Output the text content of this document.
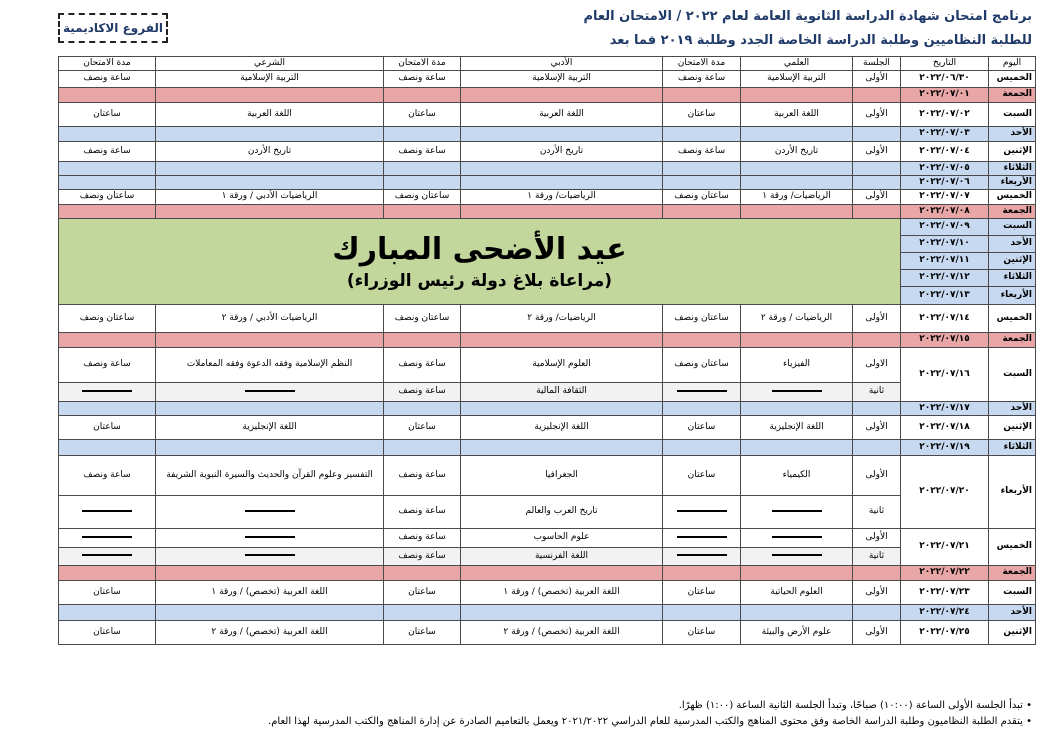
الفروع الاكاديمية
برنامج امتحان شهادة الدراسة الثانوية العامة لعام ٢٠٢٢ / الامتحان العام
للطلبة النظاميين وطلبة الدراسة الخاصة الجدد وطلبة ٢٠١٩ فما بعد
اليوم	التاريخ	الجلسة	العلمي	مدة الامتحان	الأدبي	مدة الامتحان	الشرعي	مدة الامتحان
الخميس	٢٠٢٢/٠٦/٣٠	الأولى	التربية الإسلامية	ساعة ونصف	التربية الإسلامية	ساعة ونصف	التربية الإسلامية	ساعة ونصف
الجمعة	٢٠٢٢/٠٧/٠١							
السبت	٢٠٢٢/٠٧/٠٢	الأولى	اللغة العربية	ساعتان	اللغة العربية	ساعتان	اللغة العربية	ساعتان
الأحد	٢٠٢٢/٠٧/٠٣							
الإثنين	٢٠٢٢/٠٧/٠٤	الأولى	تاريخ الأردن	ساعة ونصف	تاريخ الأردن	ساعة ونصف	تاريخ الأردن	ساعة ونصف
الثلاثاء	٢٠٢٢/٠٧/٠٥							
الأربعاء	٢٠٢٢/٠٧/٠٦							
الخميس	٢٠٢٢/٠٧/٠٧	الأولى	الرياضيات/ ورقة ١	ساعتان ونصف	الرياضيات/ ورقة ١	ساعتان ونصف	الرياضيات الأدبي / ورقة ١	ساعتان ونصف
الجمعة	٢٠٢٢/٠٧/٠٨							
السبت	٢٠٢٢/٠٧/٠٩	عيد الأضحى المبارك
(مراعاة بلاغ دولة رئيس الوزراء)						

الأحد	٢٠٢٢/٠٧/١٠							
الإثنين	٢٠٢٢/٠٧/١١							
الثلاثاء	٢٠٢٢/٠٧/١٢							
الأربعاء	٢٠٢٢/٠٧/١٣							
الخميس	٢٠٢٢/٠٧/١٤	الأولى	الرياضيات / ورقة ٢	ساعتان ونصف	الرياضيات/ ورقة ٢	ساعتان ونصف	الرياضيات الأدبي / ورقة ٢	ساعتان ونصف
الجمعة	٢٠٢٢/٠٧/١٥							
السبت	٢٠٢٢/٠٧/١٦	الاولى	الفيزياء	ساعتان ونصف	العلوم الإسلامية	ساعة ونصف	النظم الإسلامية وفقه الدعوة وفقه المعاملات	ساعة ونصف
		ثانية			الثقافة المالية	ساعة ونصف		
الأحد	٢٠٢٢/٠٧/١٧							
الإثنين	٢٠٢٢/٠٧/١٨	الأولى	اللغة الإنجليزية	ساعتان	اللغة الإنجليزية	ساعتان	اللغة الإنجليزية	ساعتان
الثلاثاء	٢٠٢٢/٠٧/١٩							
الأربعاء	٢٠٢٢/٠٧/٢٠	الأولى	الكيمياء	ساعتان	الجغرافيا	ساعة ونصف	التفسير وعلوم القرآن والحديث والسيرة النبوية الشريفة	ساعة ونصف
		ثانية			تاريخ العرب والعالم	ساعة ونصف		
الخميس	٢٠٢٢/٠٧/٢١	الأولى			علوم الحاسوب	ساعة ونصف		
		ثانية			اللغة الفرنسية	ساعة ونصف		
الجمعة	٢٠٢٢/٠٧/٢٢							
السبت	٢٠٢٢/٠٧/٢٣	الأولى	العلوم الحياتية	ساعتان	اللغة العربية (تخصص) / ورقة ١	ساعتان	اللغة العربية (تخصص) / ورقة ١	ساعتان
الأحد	٢٠٢٢/٠٧/٢٤							
الإثنين	٢٠٢٢/٠٧/٢٥	الأولى	علوم الأرض والبيئة	ساعتان	اللغة العربية (تخصص) / ورقة ٢	ساعتان	اللغة العربية (تخصص) / ورقة ٢	ساعتان
• تبدأ الجلسة الأولى الساعة (١٠:٠٠) صباحًا، وتبدأ الجلسة الثانية الساعة (١:٠٠) ظهرًا.
• يتقدم الطلبة النظاميون وطلبة الدراسة الخاصة وفق محتوى المناهج والكتب المدرسية للعام الدراسي ٢٠٢١/٢٠٢٢ ويعمل بالتعاميم الصادرة عن إدارة المناهج والكتب المدرسية لهذا العام.
